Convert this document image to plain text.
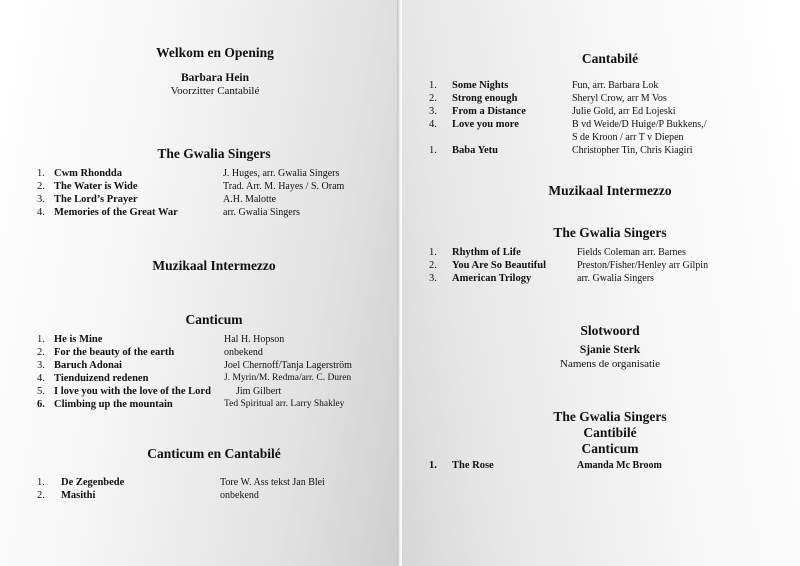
Welkom en Opening
Barbara Hein
Voorzitter Cantabilé
The Gwalia Singers
1. Cwm Rhondda	J. Huges, arr. Gwalia Singers
2. The Water is Wide	Trad. Arr. M. Hayes / S. Oram
3. The Lord’s Prayer	A.H. Malotte
4. Memories of the Great War	arr. Gwalia Singers
Muzikaal Intermezzo
Canticum
1. He is Mine	Hal H. Hopson
2. For the beauty of the earth	onbekend
3. Baruch Adonai	Joel Chernoff/Tanja Lagerström
4. Tienduizend redenen	J. Myrin/M. Redma/arr. C. Duren
5. I love you with the love of the Lord	Jim Gilbert
6. Climbing up the mountain	Ted Spiritual arr. Larry Shakley
Canticum en Cantabilé
1. De Zegenbede	Tore W. Ass tekst Jan Blei
2. Masithi	onbekend
Cantabilé
1. Some Nights	Fun, arr. Barbara Lok
2. Strong enough	Sheryl Crow, arr M Vos
3. From a Distance	Julie Gold, arr Ed Lojeski
4. Love you more	B vd Weide/D Huige/P Bukkens,/
S de Kroon / arr T v Diepen
1. Baba Yetu	Christopher Tin, Chris Kiagiri
Muzikaal Intermezzo
The Gwalia Singers
1. Rhythm of Life	Fields Coleman arr. Barnes
2. You Are So Beautiful	Preston/Fisher/Henley arr Gilpin
3. American Trilogy	arr. Gwalia Singers
Slotwoord
Sjanie Sterk
Namens de organisatie
The Gwalia Singers
Cantibilé
Canticum
1. The Rose	Amanda Mc Broom
